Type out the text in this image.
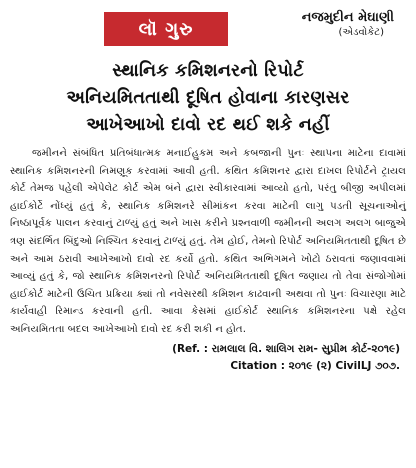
લૉ ગુરુ
નજમુદીન મેઘાણી
(એડવોકેટ)
સ્થાનિક કમિશનરનો રિપોર્ટ
અનિયમિતતાથી દૂષિત હોવાના કારણસર
આખેઆખો દાવો રદ થઈ શકે નહીં
જમીનને સંબંધિત પ્રતિબંધાત્મક મનાઈહુકમ અને કબજાની પુનઃ સ્થાપના માટેના દાવામાં સ્થાનિક કમિશનરની નિમણૂક કરવામાં આવી હતી. કથિત કમિશનર દ્વારા દાખલ રિપોર્ટને ટ્રાયલ કોર્ટ તેમજ પહેલી એપેલેટ કોર્ટ એમ બંને દ્વારા સ્વીકારવામાં આવ્યો હતો, પરંતુ બીજી અપીલમાં હાઈકોર્ટે નોંધ્યું હતું કે, સ્થાનિક કમિશનરે સીમાંકન કરવા માટેની લાગુ પડતી સૂચનાઓનું નિષ્ઠાપૂર્વક પાલન કરવાનું ટાળ્યું હતું અને ખાસ કરીને પ્રશ્નવાળી જમીનની અલગ અલગ બાજુએ ત્રણ સંદર્ભિત બિંદુઓ નિશ્ચિત કરવાનું ટાળ્યું હતું. તેમ હોઈ, તેમનો રિપોર્ટ અનિયમિતતાથી દૂષિત છે અને આમ ઠરાવી આખેઆખો દાવો રદ કર્યો હતો. કથિત અભિગમને ખોટો ઠરાવતાં જણાવવામાં આવ્યું હતું કે, જો સ્થાનિક કમિશનરનો રિપોર્ટ અનિયમિતતાથી દૂષિત જણાય તો તેવા સંજોગોમાં હાઈકોર્ટ માટેની ઉચિત પ્રક્રિયા ક્યાં તો નવેસરથી કમિશન કાઢવાની અથવા તો પુનઃ વિચારણા માટે કાર્યવાહી રિમાન્ડ કરવાની હતી. આવા કેસમાં હાઈકોર્ટ સ્થાનિક કમિશનરના પક્ષે રહેલ અનિયમિતતા બદલ આખેઆખો દાવો રદ કરી શકી ન હોત.
(Ref. : રામલાલ વિ. શાલિગ રામ- સુપ્રીમ કોર્ટ-૨૦૧૯)
Citation : ૨૦૧૯ (૨) CivilLJ ૭૦૭.
